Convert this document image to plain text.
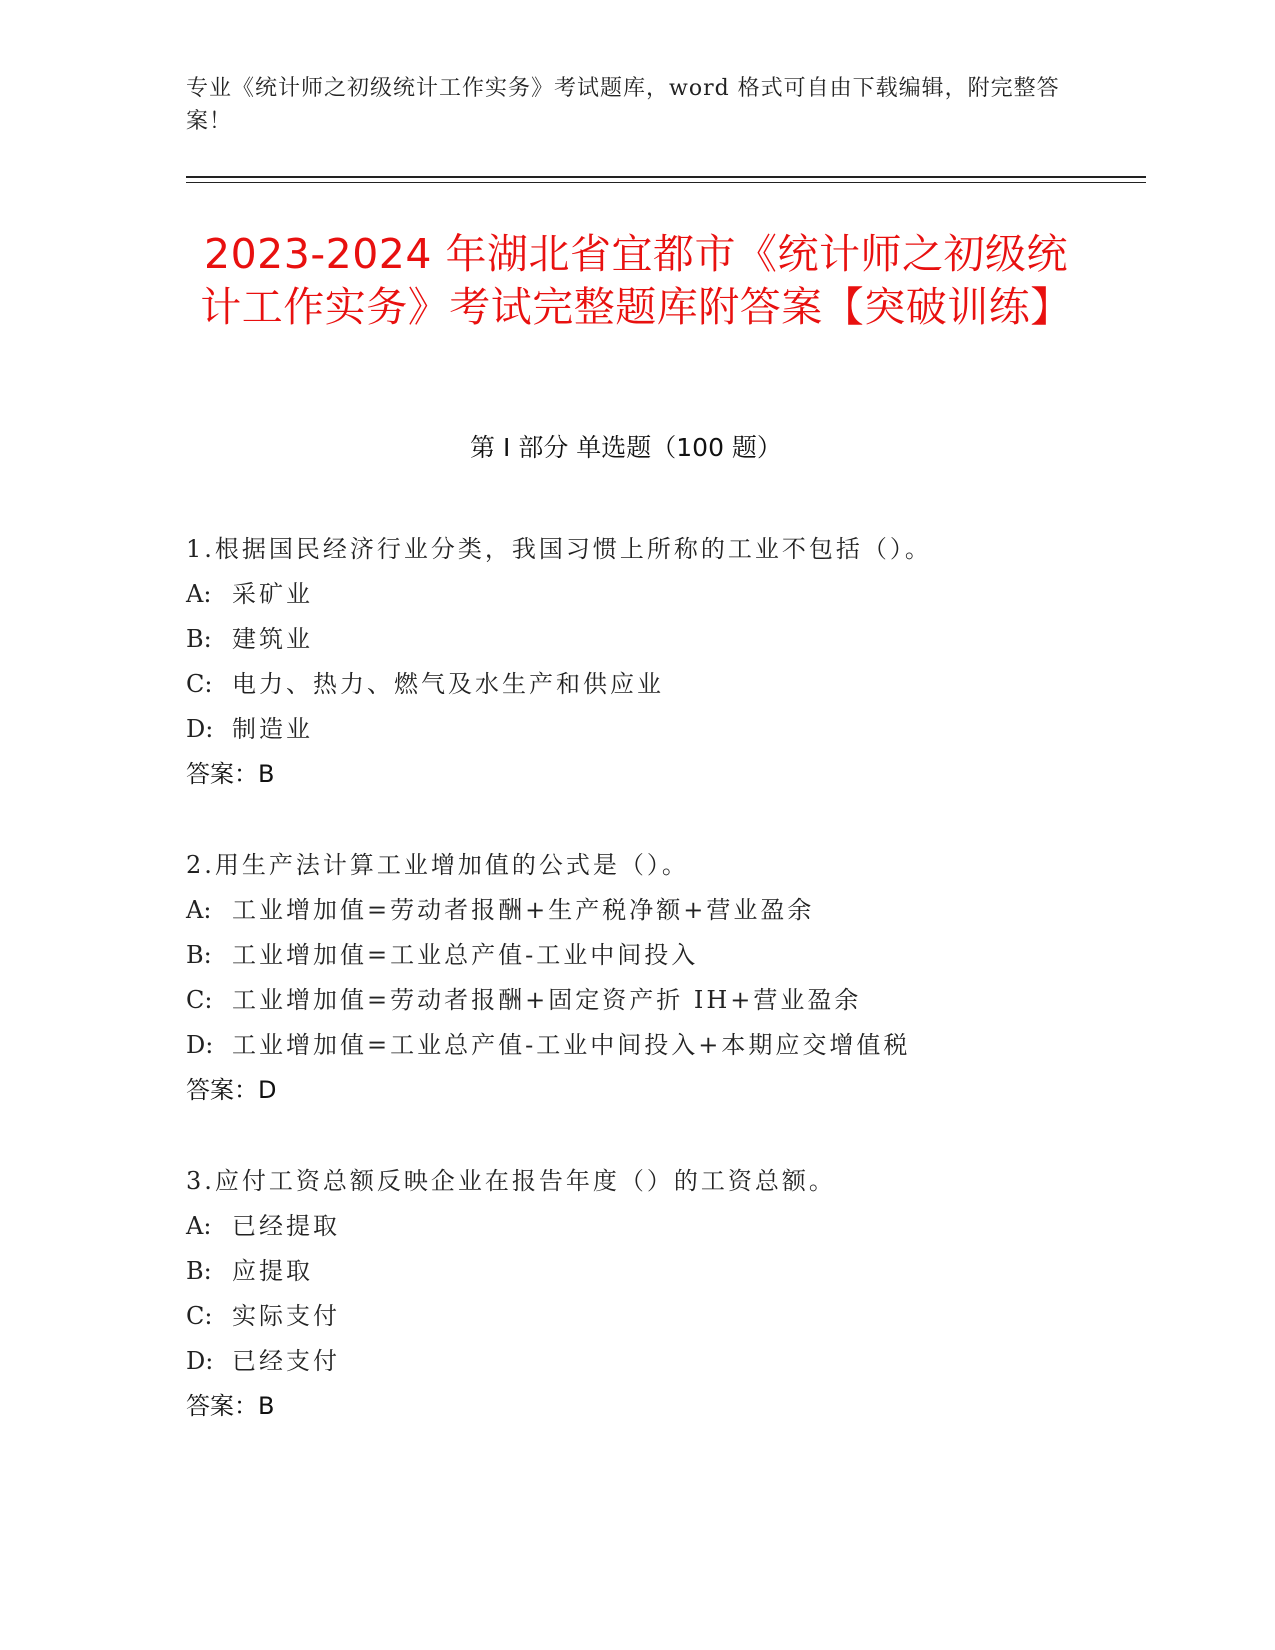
专业《统计师之初级统计工作实务》考试题库，word 格式可自由下载编辑，附完整答案！
2023-2024 年湖北省宜都市《统计师之初级统计工作实务》考试完整题库附答案【突破训练】
第 I 部分 单选题（100 题）
1.根据国民经济行业分类，我国习惯上所称的工业不包括（）。
A: 采矿业
B: 建筑业
C: 电力、热力、燃气及水生产和供应业
D: 制造业
答案：B
2.用生产法计算工业增加值的公式是（）。
A: 工业增加值=劳动者报酬+生产税净额+营业盈余
B: 工业增加值=工业总产值-工业中间投入
C: 工业增加值=劳动者报酬+固定资产折 IH+营业盈余
D: 工业增加值=工业总产值-工业中间投入+本期应交增值税
答案：D
3.应付工资总额反映企业在报告年度（）的工资总额。
A: 已经提取
B: 应提取
C: 实际支付
D: 已经支付
答案：B
